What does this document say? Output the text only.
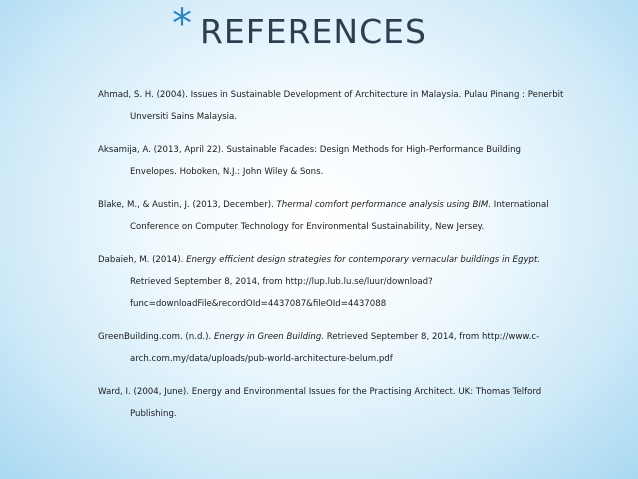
* REFERENCES

Ahmad, S. H. (2004). Issues in Sustainable Development of Architecture in Malaysia. Pulau Pinang : Penerbit Unversiti Sains Malaysia.

Aksamija, A. (2013, April 22). Sustainable Facades: Design Methods for High-Performance Building Envelopes. Hoboken, N.J.: John Wiley & Sons.

Blake, M., & Austin, J. (2013, December). Thermal comfort performance analysis using BIM. International Conference on Computer Technology for Environmental Sustainability, New Jersey.

Dabaieh, M. (2014). Energy efficient design strategies for contemporary vernacular buildings in Egypt. Retrieved September 8, 2014, from http://lup.lub.lu.se/luur/download?func=downloadFile&recordOId=4437087&fileOId=4437088

GreenBuilding.com. (n.d.). Energy in Green Building. Retrieved September 8, 2014, from http://www.c-arch.com.my/data/uploads/pub-world-architecture-belum.pdf

Ward, I. (2004, June). Energy and Environmental Issues for the Practising Architect. UK: Thomas Telford Publishing.
